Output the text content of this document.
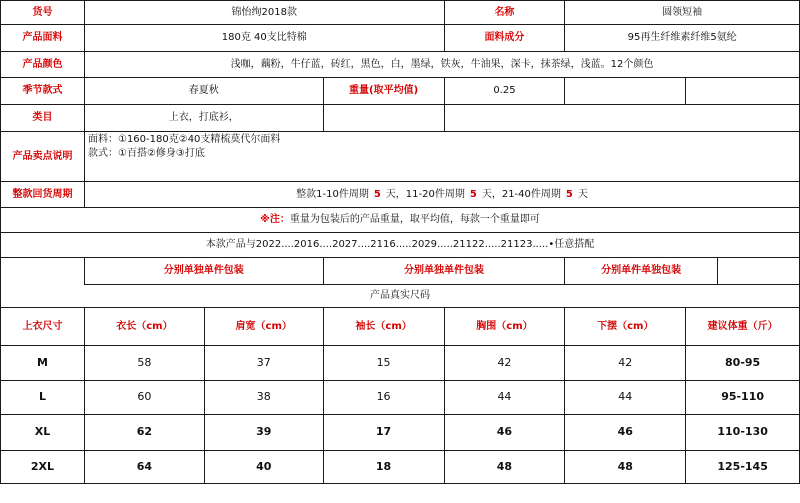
货号	锦怡绚2018款			名称	圆领短袖		
产品面料	180克 40支比特棉			面料成分	95再生纤维素纤维5氨纶		
产品颜色	浅咖，藕粉，牛仔蓝，砖红，黑色，白，墨绿，铁灰，牛油果，深卡，抹茶绿，浅蓝。12个颜色						
季节款式	春夏秋		重量(取平均值)	0.25			
类目	上衣，打底衫，						
产品卖点说明	面料：①160-180克②40支精梳莫代尔面料
款式：①百搭②修身③打底						

整款回货周期	整款1-10件周期 5 天，11-20件周期 5 天，21-40件周期 5 天						
※注：重量为包装后的产品重量，取平均值，每款一个重量即可							
本款产品与2022....2016....2027....2116.....2029.....21122.....21123.....•任意搭配							
	分别单独单件包装		分别单独单件包装		分别单件单独包装		
产品真实尺码							
上衣尺寸	衣长（cm）	肩宽（cm）	袖长（cm）	胸围（cm）	下摆（cm）	建议体重（斤）	
M	58	37	15	42	42	80-95	
L	60	38	16	44	44	95-110	
XL	62	39	17	46	46	110-130	
2XL	64	40	18	48	48	125-145	
